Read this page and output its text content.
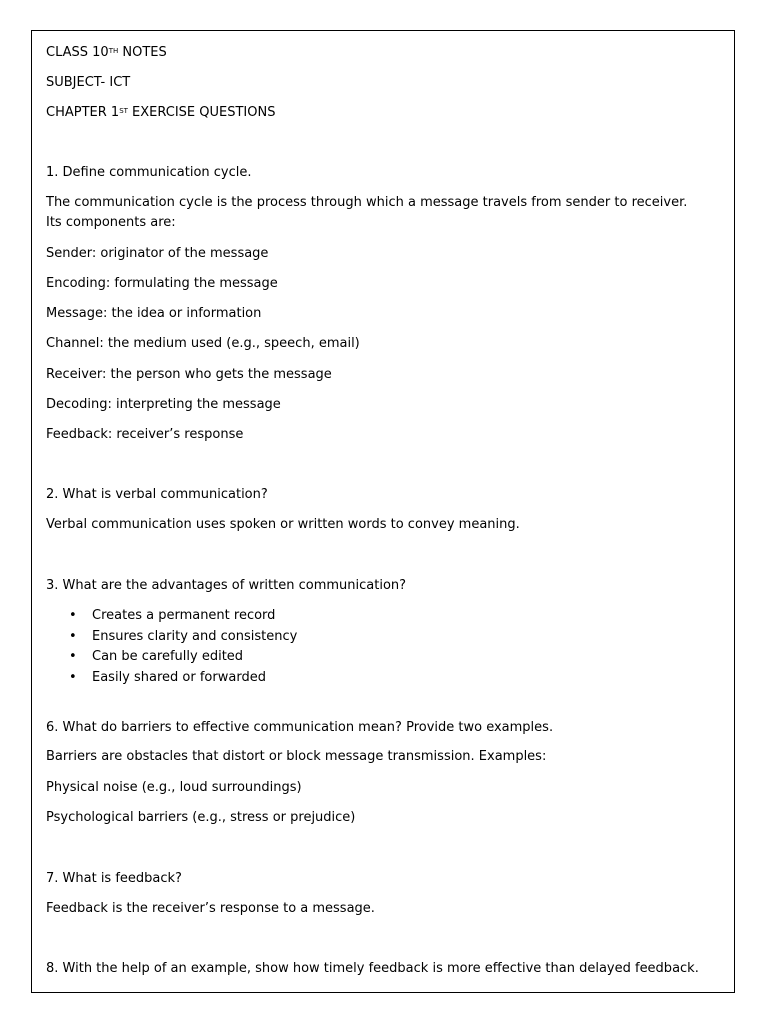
CLASS 10TH NOTES
SUBJECT- ICT
CHAPTER 1ST EXERCISE QUESTIONS
1. Define communication cycle.
The communication cycle is the process through which a message travels from sender to receiver. Its components are:
Sender: originator of the message
Encoding: formulating the message
Message: the idea or information
Channel: the medium used (e.g., speech, email)
Receiver: the person who gets the message
Decoding: interpreting the message
Feedback: receiver’s response
2. What is verbal communication?
Verbal communication uses spoken or written words to convey meaning.
3. What are the advantages of written communication?
• Creates a permanent record
• Ensures clarity and consistency
• Can be carefully edited
• Easily shared or forwarded
6. What do barriers to effective communication mean? Provide two examples.
Barriers are obstacles that distort or block message transmission. Examples:
Physical noise (e.g., loud surroundings)
Psychological barriers (e.g., stress or prejudice)
7. What is feedback?
Feedback is the receiver’s response to a message.
8. With the help of an example, show how timely feedback is more effective than delayed feedback.
